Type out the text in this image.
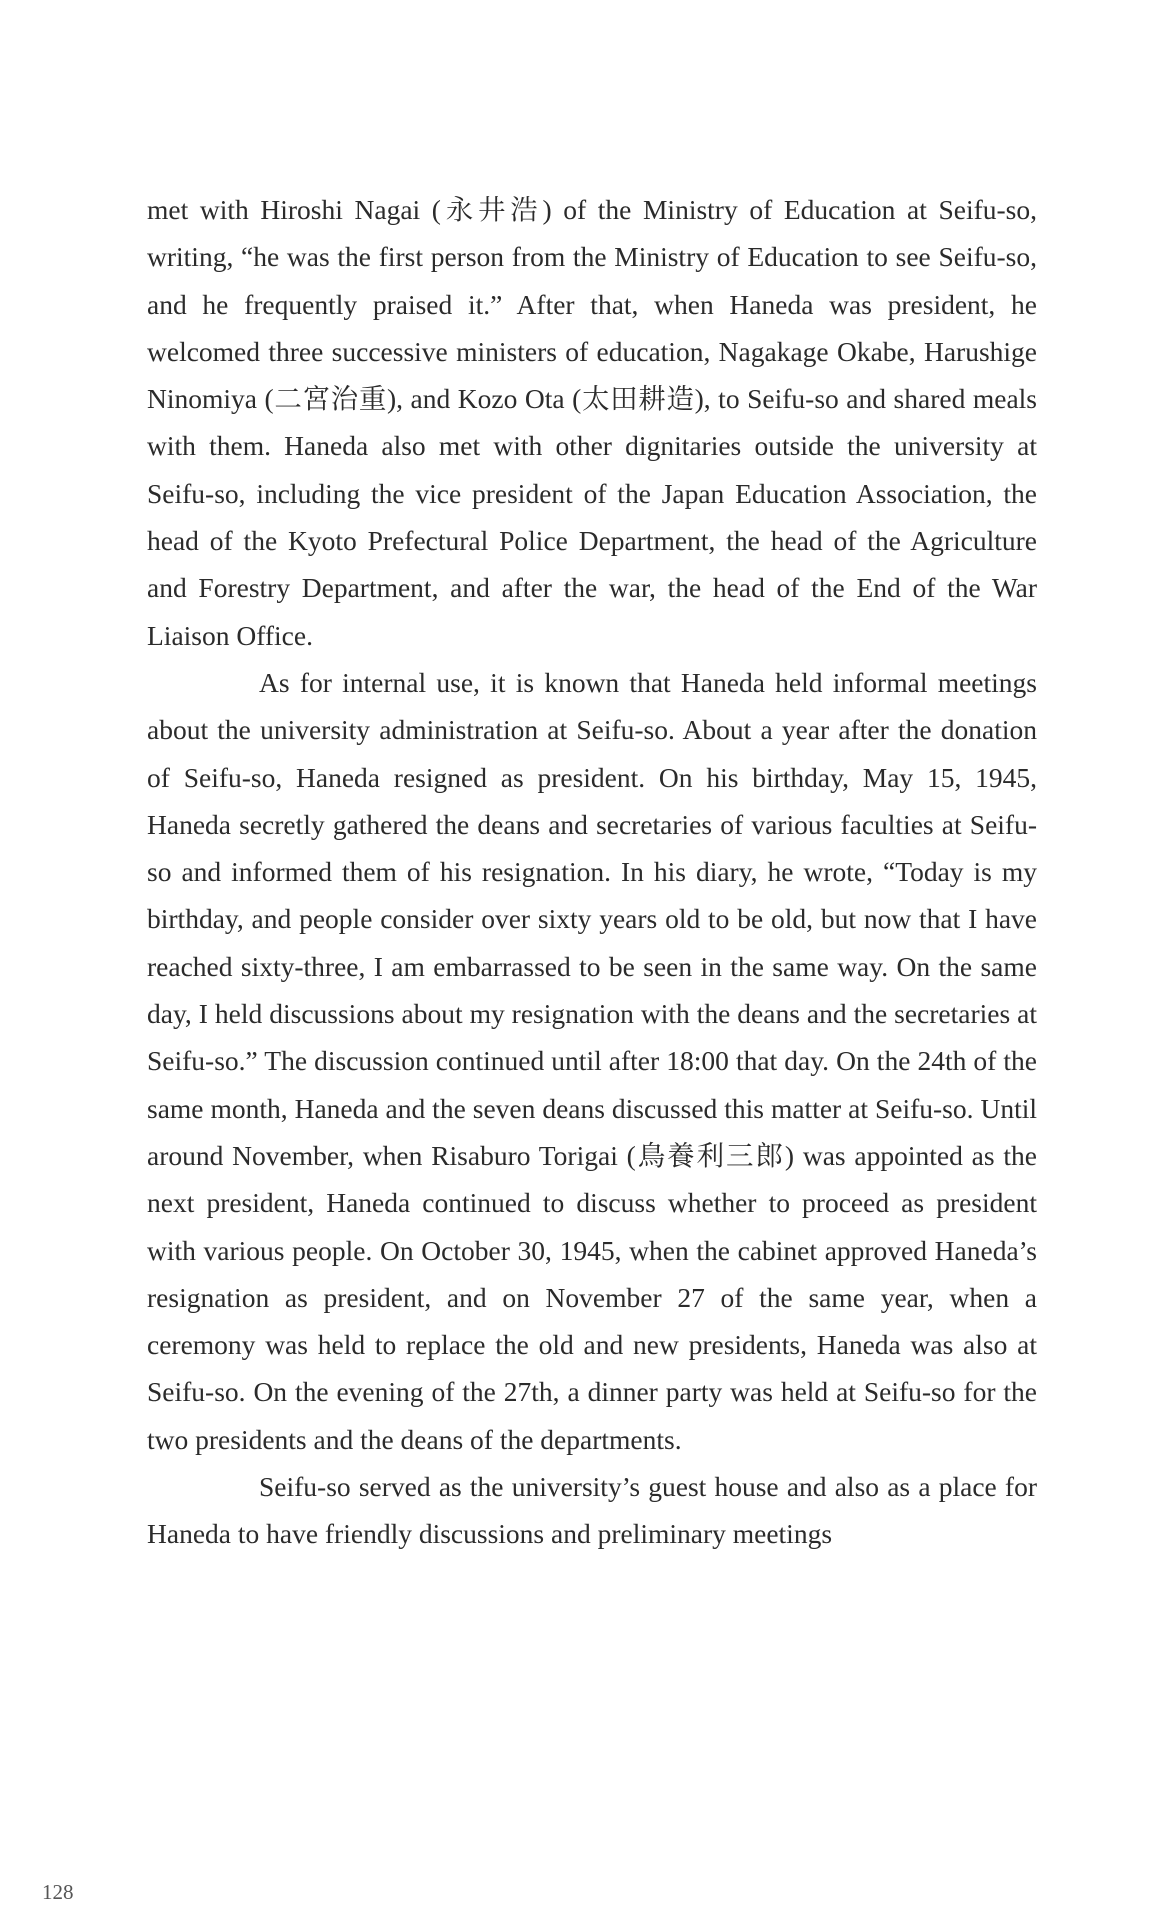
met with Hiroshi Nagai (永井浩) of the Ministry of Education at Seifu-so, writing, “he was the first person from the Ministry of Education to see Seifu-so, and he frequently praised it.” After that, when Haneda was president, he welcomed three successive ministers of education, Nagakage Okabe, Harushige Ninomiya (二宮治重), and Kozo Ota (太田耕造), to Seifu-so and shared meals with them. Haneda also met with other dignitaries outside the university at Seifu-so, including the vice president of the Japan Education Association, the head of the Kyoto Prefectural Police Department, the head of the Agriculture and Forestry Department, and after the war, the head of the End of the War Liaison Office.

As for internal use, it is known that Haneda held informal meetings about the university administration at Seifu-so. About a year after the donation of Seifu-so, Haneda resigned as president. On his birthday, May 15, 1945, Haneda secretly gathered the deans and secretaries of various faculties at Seifu-so and informed them of his resignation. In his diary, he wrote, “Today is my birthday, and people consider over sixty years old to be old, but now that I have reached sixty-three, I am embarrassed to be seen in the same way. On the same day, I held discussions about my resignation with the deans and the secretaries at Seifu-so.” The discussion continued until after 18:00 that day. On the 24th of the same month, Haneda and the seven deans discussed this matter at Seifu-so. Until around November, when Risaburo Torigai (鳥養利三郎) was appointed as the next president, Haneda continued to discuss whether to proceed as president with various people. On October 30, 1945, when the cabinet approved Haneda’s resignation as president, and on November 27 of the same year, when a ceremony was held to replace the old and new presidents, Haneda was also at Seifu-so. On the evening of the 27th, a dinner party was held at Seifu-so for the two presidents and the deans of the departments.

Seifu-so served as the university’s guest house and also as a place for Haneda to have friendly discussions and preliminary meetings

128
